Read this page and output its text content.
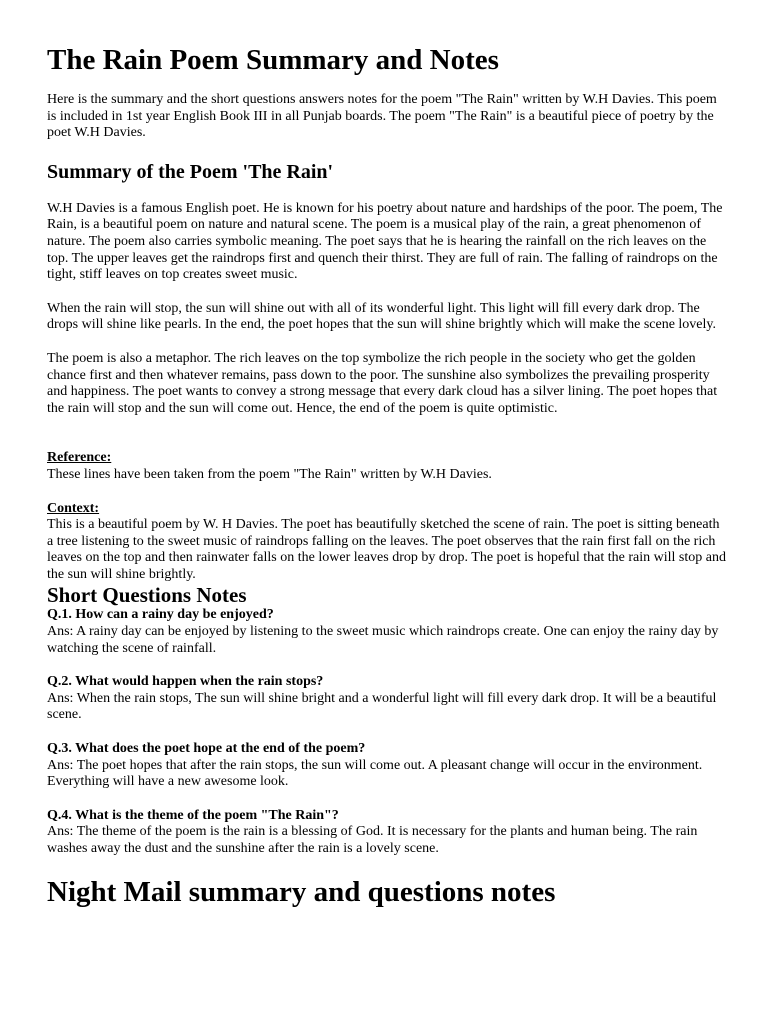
The Rain Poem Summary and Notes

Here is the summary and the short questions answers notes for the poem "The Rain" written by W.H Davies. This poem is included in 1st year English Book III in all Punjab boards. The poem "The Rain" is a beautiful piece of poetry by the poet W.H Davies.

Summary of the Poem 'The Rain'

W.H Davies is a famous English poet. He is known for his poetry about nature and hardships of the poor. The poem, The Rain, is a beautiful poem on nature and natural scene. The poem is a musical play of the rain, a great phenomenon of nature. The poem also carries symbolic meaning. The poet says that he is hearing the rainfall on the rich leaves on the top. The upper leaves get the raindrops first and quench their thirst. They are full of rain. The falling of raindrops on the tight, stiff leaves on top creates sweet music.

When the rain will stop, the sun will shine out with all of its wonderful light. This light will fill every dark drop. The drops will shine like pearls. In the end, the poet hopes that the sun will shine brightly which will make the scene lovely.

The poem is also a metaphor. The rich leaves on the top symbolize the rich people in the society who get the golden chance first and then whatever remains, pass down to the poor. The sunshine also symbolizes the prevailing prosperity and happiness. The poet wants to convey a strong message that every dark cloud has a silver lining. The poet hopes that the rain will stop and the sun will come out. Hence, the end of the poem is quite optimistic.

Reference:

These lines have been taken from the poem "The Rain" written by W.H Davies.

Context:

This is a beautiful poem by W. H Davies. The poet has beautifully sketched the scene of rain. The poet is sitting beneath a tree listening to the sweet music of raindrops falling on the leaves. The poet observes that the rain first fall on the rich leaves on the top and then rainwater falls on the lower leaves drop by drop. The poet is hopeful that the rain will stop and the sun will shine brightly.

Short Questions Notes
Q.1. How can a rainy day be enjoyed?

Ans: A rainy day can be enjoyed by listening to the sweet music which raindrops create. One can enjoy the rainy day by watching the scene of rainfall.

Q.2. What would happen when the rain stops?

Ans: When the rain stops, The sun will shine bright and a wonderful light will fill every dark drop. It will be a beautiful scene.

Q.3. What does the poet hope at the end of the poem?

Ans: The poet hopes that after the rain stops, the sun will come out. A pleasant change will occur in the environment. Everything will have a new awesome look.

Q.4. What is the theme of the poem "The Rain"?

Ans: The theme of the poem is the rain is a blessing of God. It is necessary for the plants and human being. The rain washes away the dust and the sunshine after the rain is a lovely scene.

Night Mail summary and questions notes
